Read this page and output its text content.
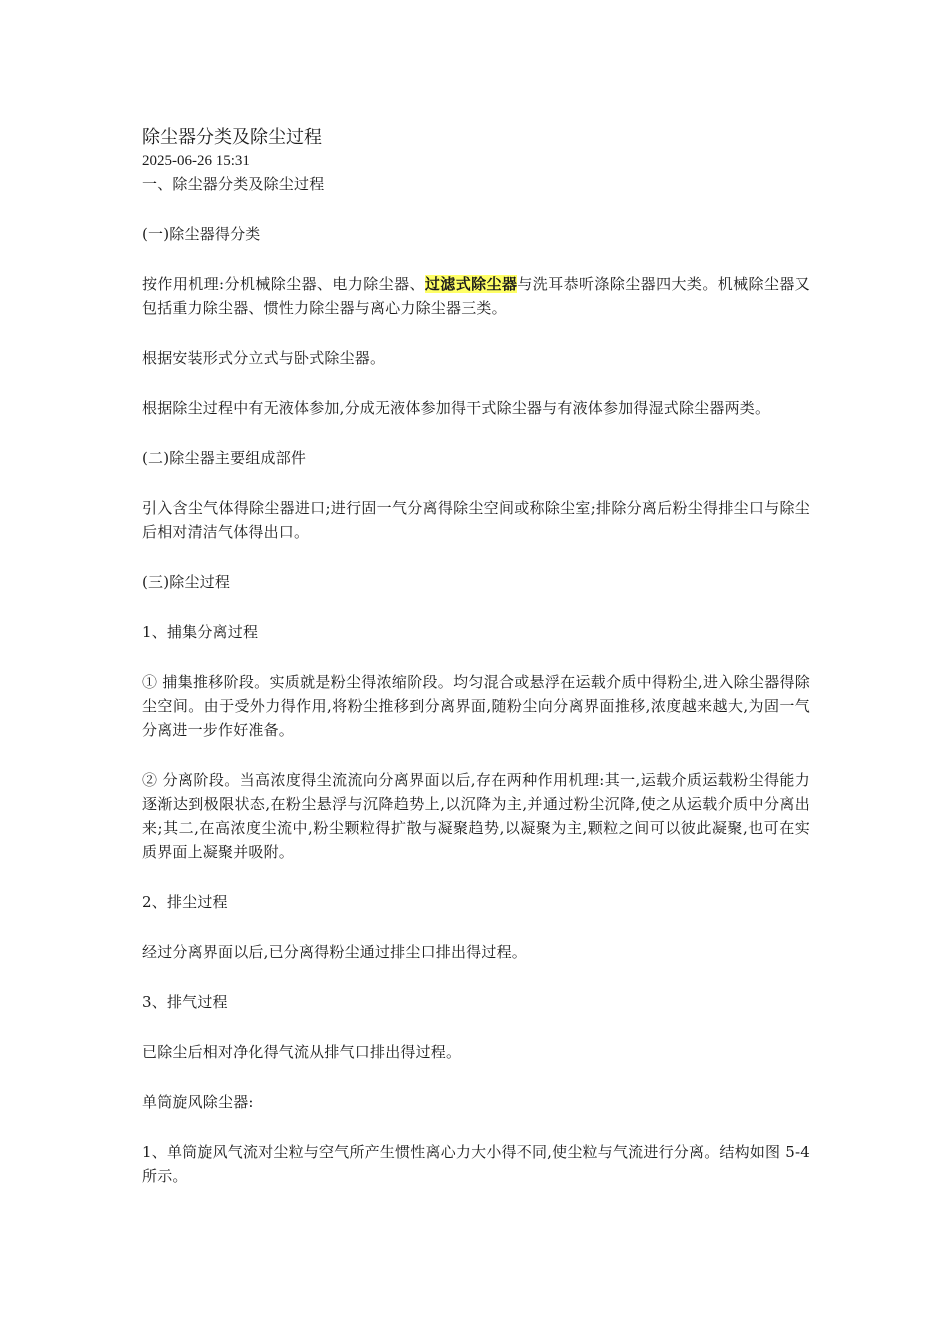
除尘器分类及除尘过程
2025-06-26 15:31

一、除尘器分类及除尘过程

(一)除尘器得分类

按作用机理:分机械除尘器、电力除尘器、过滤式除尘器与洗耳恭听涤除尘器四大类。机械除尘器又包括重力除尘器、惯性力除尘器与离心力除尘器三类。

根据安装形式分立式与卧式除尘器。

根据除尘过程中有无液体参加,分成无液体参加得干式除尘器与有液体参加得湿式除尘器两类。

(二)除尘器主要组成部件

引入含尘气体得除尘器进口;进行固一气分离得除尘空间或称除尘室;排除分离后粉尘得排尘口与除尘后相对清洁气体得出口。

(三)除尘过程

1、捕集分离过程

① 捕集推移阶段。实质就是粉尘得浓缩阶段。均匀混合或悬浮在运载介质中得粉尘,进入除尘器得除尘空间。由于受外力得作用,将粉尘推移到分离界面,随粉尘向分离界面推移,浓度越来越大,为固一气分离进一步作好准备。

② 分离阶段。当高浓度得尘流流向分离界面以后,存在两种作用机理:其一,运载介质运载粉尘得能力逐渐达到极限状态,在粉尘悬浮与沉降趋势上,以沉降为主,并通过粉尘沉降,使之从运载介质中分离出来;其二,在高浓度尘流中,粉尘颗粒得扩散与凝聚趋势,以凝聚为主,颗粒之间可以彼此凝聚,也可在实质界面上凝聚并吸附。

2、排尘过程

经过分离界面以后,已分离得粉尘通过排尘口排出得过程。

3、排气过程

已除尘后相对净化得气流从排气口排出得过程。

单筒旋风除尘器:

1、单筒旋风气流对尘粒与空气所产生惯性离心力大小得不同,使尘粒与气流进行分离。结构如图 5-4 所示。
